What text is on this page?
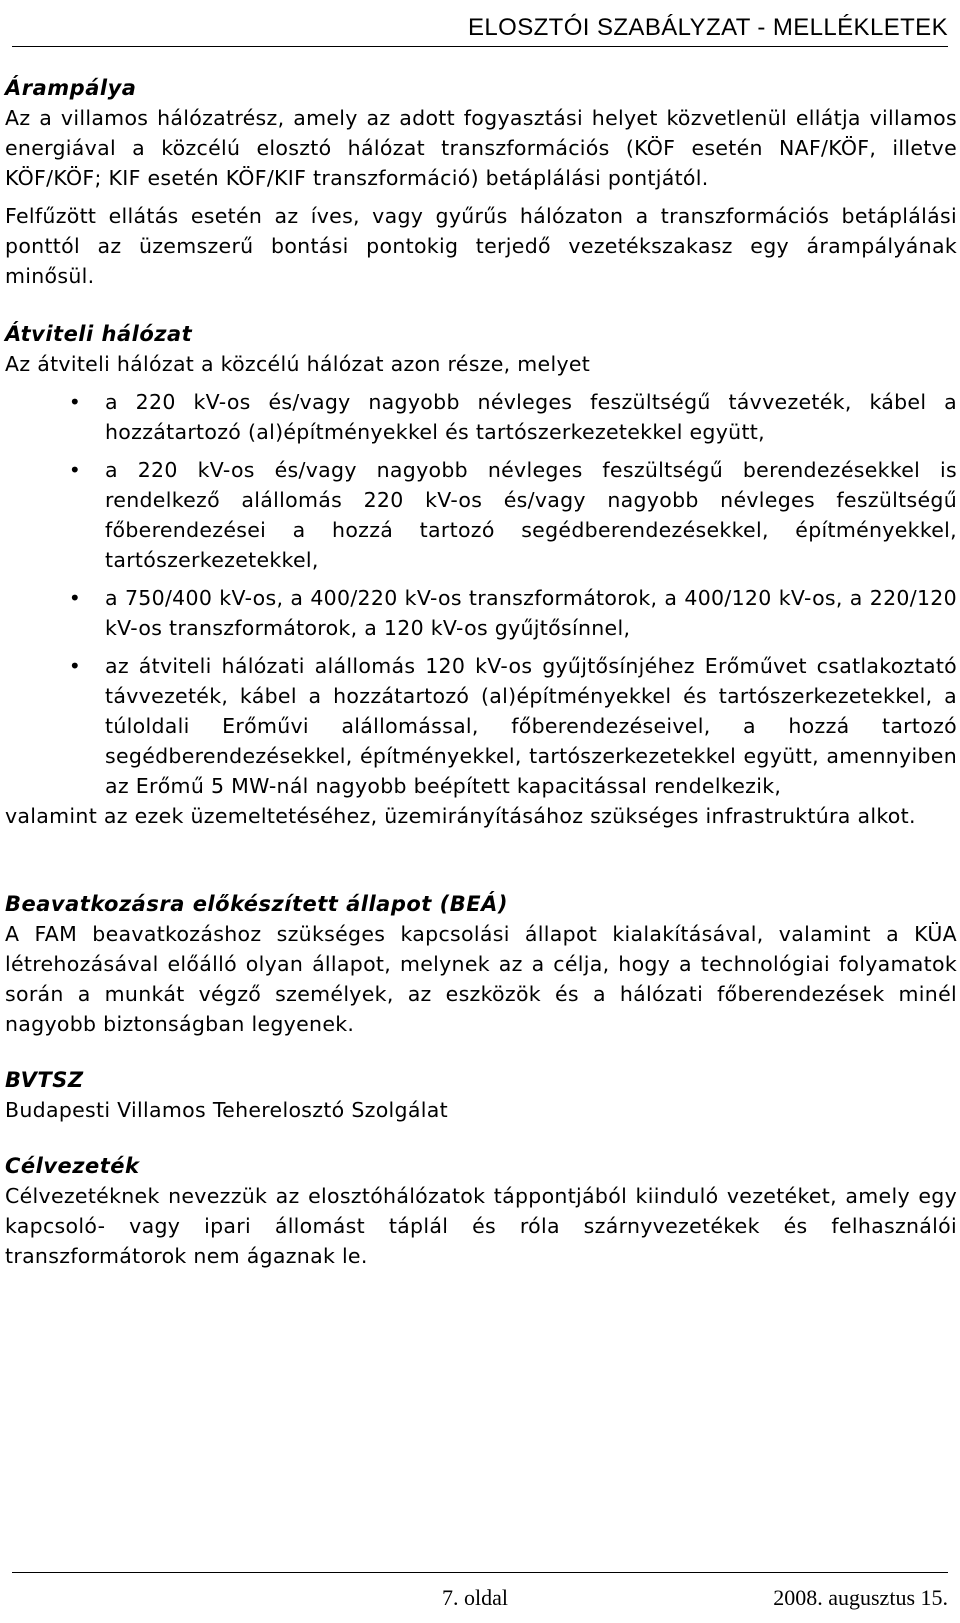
ELOSZTÓI SZABÁLYZAT - MELLÉKLETEK
Árampálya

Az a villamos hálózatrész, amely az adott fogyasztási helyet közvetlenül ellátja villamos energiával a közcélú elosztó hálózat transzformációs (KÖF esetén NAF/KÖF, illetve KÖF/KÖF; KIF esetén KÖF/KIF transzformáció) betáplálási pontjától.

Felfűzött ellátás esetén az íves, vagy gyűrűs hálózaton a transzformációs betáplálási ponttól az üzemszerű bontási pontokig terjedő vezetékszakasz egy árampályának minősül.

Átviteli hálózat

Az átviteli hálózat a közcélú hálózat azon része, melyet

• a 220 kV-os és/vagy nagyobb névleges feszültségű távvezeték, kábel a hozzátartozó (al)építményekkel és tartószerkezetekkel együtt,
• a 220 kV-os és/vagy nagyobb névleges feszültségű berendezésekkel is rendelkező alállomás 220 kV-os és/vagy nagyobb névleges feszültségű főberendezései a hozzá tartozó segédberendezésekkel, építményekkel, tartószerkezetekkel,
• a 750/400 kV-os, a 400/220 kV-os transzformátorok, a 400/120 kV-os, a 220/120 kV-os transzformátorok, a 120 kV-os gyűjtősínnel,
• az átviteli hálózati alállomás 120 kV-os gyűjtősínjéhez Erőművet csatlakoztató távvezeték, kábel a hozzátartozó (al)építményekkel és tartószerkezetekkel, a túloldali Erőművi alállomással, főberendezéseivel, a hozzá tartozó segédberendezésekkel, építményekkel, tartószerkezetekkel együtt, amennyiben az Erőmű 5 MW-nál nagyobb beépített kapacitással rendelkezik,

valamint az ezek üzemeltetéséhez, üzemirányításához szükséges infrastruktúra alkot.

Beavatkozásra előkészített állapot (BEÁ)

A FAM beavatkozáshoz szükséges kapcsolási állapot kialakításával, valamint a KÜA létrehozásával előálló olyan állapot, melynek az a célja, hogy a technológiai folyamatok során a munkát végző személyek, az eszközök és a hálózati főberendezések minél nagyobb biztonságban legyenek.

BVTSZ

Budapesti Villamos Teherelosztó Szolgálat

Célvezeték

Célvezetéknek nevezzük az elosztóhálózatok táppontjából kiinduló vezetéket, amely egy kapcsoló- vagy ipari állomást táplál és róla szárnyvezetékek és felhasználói transzformátorok nem ágaznak le.

7. oldal	2008. augusztus 15.
